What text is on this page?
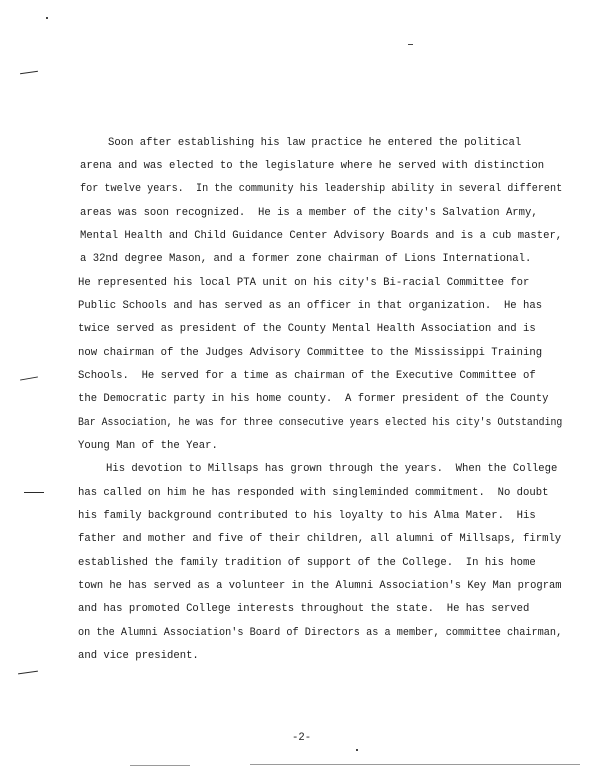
Soon after establishing his law practice he entered the political
arena and was elected to the legislature where he served with distinction
for twelve years.  In the community his leadership ability in several different
areas was soon recognized.  He is a member of the city's Salvation Army,
Mental Health and Child Guidance Center Advisory Boards and is a cub master,
a 32nd degree Mason, and a former zone chairman of Lions International.
He represented his local PTA unit on his city's Bi-racial Committee for
Public Schools and has served as an officer in that organization.  He has
twice served as president of the County Mental Health Association and is
now chairman of the Judges Advisory Committee to the Mississippi Training
Schools.  He served for a time as chairman of the Executive Committee of
the Democratic party in his home county.  A former president of the County
Bar Association, he was for three consecutive years elected his city's Outstanding
Young Man of the Year.
His devotion to Millsaps has grown through the years.  When the College
has called on him he has responded with singleminded commitment.  No doubt
his family background contributed to his loyalty to his Alma Mater.  His
father and mother and five of their children, all alumni of Millsaps, firmly
established the family tradition of support of the College.  In his home
town he has served as a volunteer in the Alumni Association's Key Man program
and has promoted College interests throughout the state.  He has served
on the Alumni Association's Board of Directors as a member, committee chairman,
and vice president.
-2-
